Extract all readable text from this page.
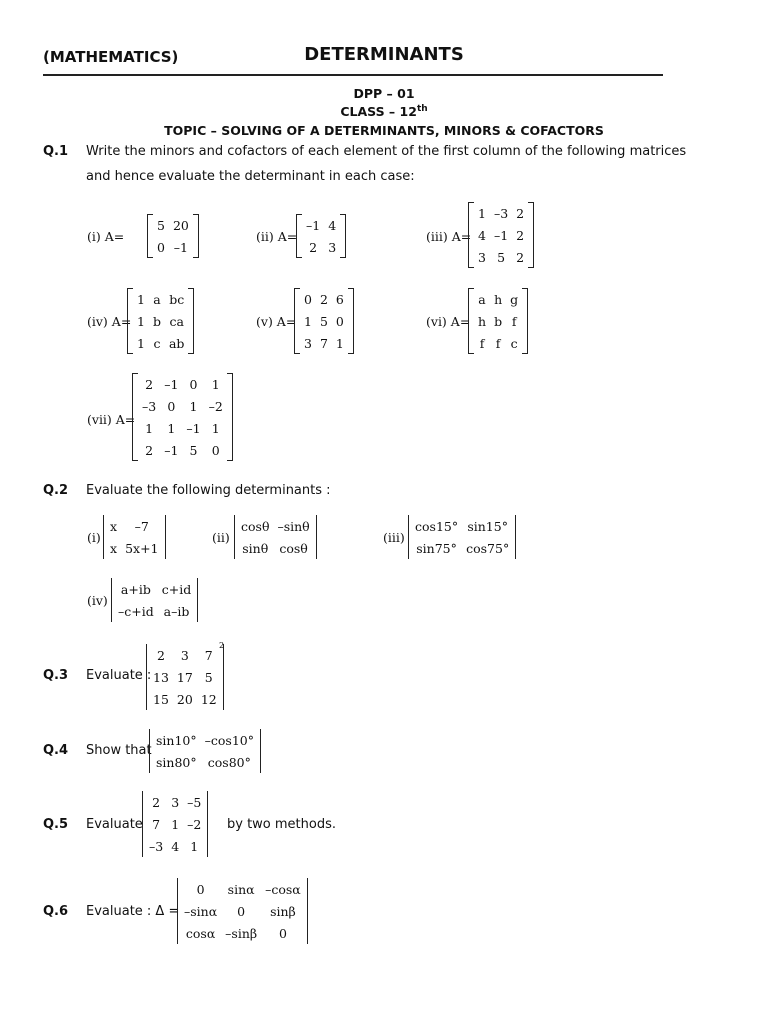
(MATHEMATICS)	DETERMINANTS
DPP – 01
CLASS – 12th
TOPIC – SOLVING OF A DETERMINANTS, MINORS & COFACTORS
Q.1 Write the minors and cofactors of each element of the first column of the following matrices
and hence evaluate the determinant in each case:
(i) A=
5	20
0	–1
(ii) A=
–1	4
2	3
(iii) A=
1	–3	2
4	–1	2
3	5	2
(iv) A=
1	a	bc
1	b	ca
1	c	ab
(v) A=
0	2	6
1	5	0
3	7	1
(vi) A=
a	h	g
h	b	f
f	f	c
(vii) A=
2	–1	0	1
–3	0	1	–2
1	1	–1	1
2	–1	5	0
Q.2 Evaluate the following determinants :
(i)
x	–7
x	5x+1
(ii)
cosθ	–sinθ
sinθ	cosθ
(iii)
cos15°	sin15°
sin75°	cos75°
(iv)
a+ib	c+id
–c+id	a–ib
Q.3 Evaluate :
2	3	7
13	17	5
15	20	12
2
Q.4 Show that
sin10°	–cos10°
sin80°	cos80°
Q.5 Evaluate
2	3	–5
7	1	–2
–3	4	1
by two methods.
Q.6 Evaluate : Δ =
0	sinα	–cosα
–sinα	0	sinβ
cosα	–sinβ	0
